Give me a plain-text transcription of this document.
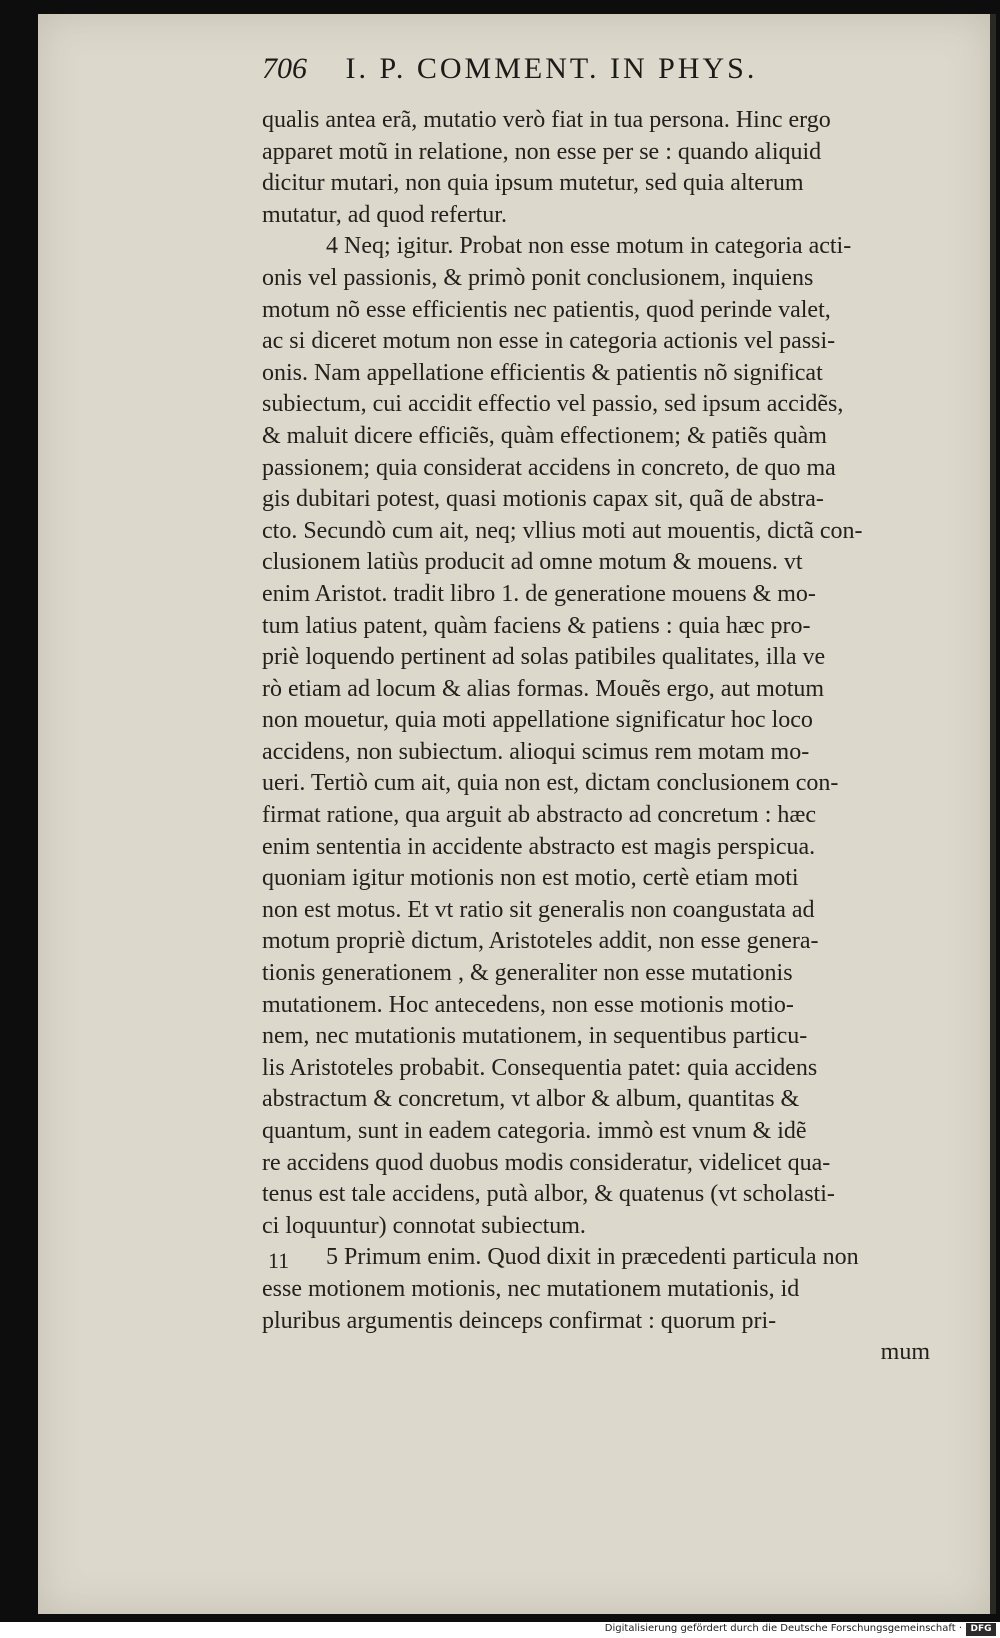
706 I. P. COMMENT. IN PHYS.
qualis antea erã, mutatio verò fiat in tua persona. Hinc ergo
apparet motũ in relatione, non esse per se : quando aliquid
dicitur mutari, non quia ipsum mutetur, sed quia alterum
mutatur, ad quod refertur.
4 Neq; igitur. Probat non esse motum in categoria acti-
onis vel passionis, & primò ponit conclusionem, inquiens
motum nõ esse efficientis nec patientis, quod perinde valet,
ac si diceret motum non esse in categoria actionis vel passi-
onis. Nam appellatione efficientis & patientis nõ significat
subiectum, cui accidit effectio vel passio, sed ipsum accidẽs,
& maluit dicere efficiẽs, quàm effectionem; & patiẽs quàm
passionem; quia considerat accidens in concreto, de quo ma
gis dubitari potest, quasi motionis capax sit, quã de abstra-
cto. Secundò cum ait, neq; vllius moti aut mouentis, dictã con-
clusionem latiùs producit ad omne motum & mouens. vt
enim Aristot. tradit libro 1. de generatione mouens & mo-
tum latius patent, quàm faciens & patiens : quia hæc pro-
priè loquendo pertinent ad solas patibiles qualitates, illa ve
rò etiam ad locum & alias formas. Mouẽs ergo, aut motum
non mouetur, quia moti appellatione significatur hoc loco
accidens, non subiectum. alioqui scimus rem motam mo-
ueri. Tertiò cum ait, quia non est, dictam conclusionem con-
firmat ratione, qua arguit ab abstracto ad concretum : hæc
enim sententia in accidente abstracto est magis perspicua.
quoniam igitur motionis non est motio, certè etiam moti
non est motus. Et vt ratio sit generalis non coangustata ad
motum propriè dictum, Aristoteles addit, non esse genera-
tionis generationem , & generaliter non esse mutationis
mutationem. Hoc antecedens, non esse motionis motio-
nem, nec mutationis mutationem, in sequentibus particu-
lis Aristoteles probabit. Consequentia patet: quia accidens
abstractum & concretum, vt albor & album, quantitas &
quantum, sunt in eadem categoria. immò est vnum & idẽ
re accidens quod duobus modis consideratur, videlicet qua-
tenus est tale accidens, putà albor, & quatenus (vt scholasti-
ci loquuntur) connotat subiectum.
5 Primum enim. Quod dixit in præcedenti particula non
esse motionem motionis, nec mutationem mutationis, id
pluribus argumentis deinceps confirmat : quorum pri-
mum
11
Digitalisierung gefördert durch die Deutsche Forschungsgemeinschaft · DFG
